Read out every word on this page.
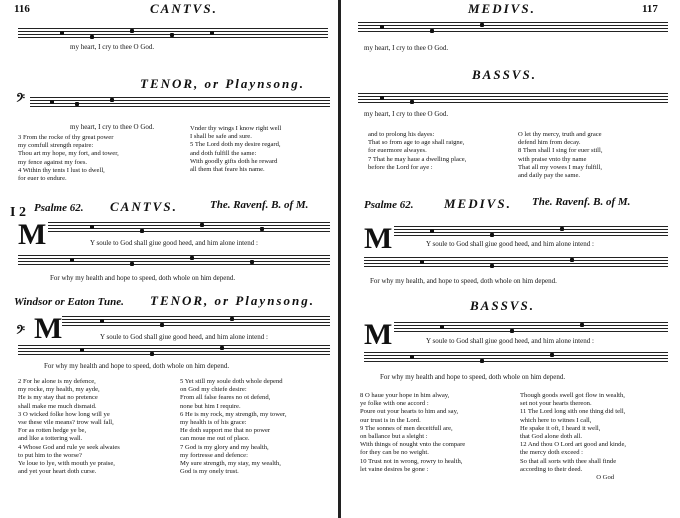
116	CANTVS.
my heart, I cry to thee O God.
TENOR, or Playnsong.
𝄢
my heart, I cry to thee O God.
3 From the rocke of thy great power
my comfull strength repaire:
Thou art my hope, my fort, and tower,
my fence against my foes.
4 Within thy tents I lust to dwell,
for euer to endure.
Vnder thy wings I know right well
I shall be safe and sure.
5 The Lord doth my desire regard,
and doth fulfill the same:
With goodly gifts doth he reward
all them that feare his name.
I 2 Psalme 62. CANTVS.	The. Ravenf. B. of M.
M	Y soule to God shall giue good heed, and him alone intend :
For why my health and hope to speed, doth whole on him depend.
Windsor or Eaton Tune. TENOR, or Playnsong.
𝄢 M	Y soule to God shall giue good heed, and him alone intend :
For why my health and hope to speed, doth whole on him depend.
2 For he alone is my defence,
my rocke, my health, my ayde,
He is my stay that no pretence
shall make me much dismaid.
3 O wicked folke how long will ye
vse these vile means? trow wall fall,
For as rotten hedge ye be,
and like a tottering wall.
4 Whose God and rule ye seek alwaies
to put him to the worse?
Ye loue to lye, with mouth ye praise,
and yet your heart doth curse.
5 Yet still my soule doth whole depend
on God my chiefe desire:
From all false feares no ot defend,
none but him I require.
6 He is my rock, my strength, my tower,
my health is of his grace:
He doth support me that no power
can moue me out of place.
7 God is my glory and my health,
my fortresse and defence:
My sure strength, my stay, my wealth,
God is my onely trust.
MEDIVS.	117
my heart, I cry to thee O God.
BASSVS.
my heart, I cry to thee O God.
and to prolong his dayes:
That so from age to age shall raigne,
for euermore alwayes.
7 That he may haue a dwelling place,
before the Lord for aye :
O let thy mercy, truth and grace
defend him from decay.
8 Then shall I sing for euer still,
with praise vnto thy name
That all my vowes I may fulfill,
and daily pay the same.
Psalme 62. MEDIVS. The. Ravenf. B. of M.
M	Y soule to God shall giue good heed, and him alone intend :
For why my health, and hope to speed, doth whole on him depend.
BASSVS.
M	Y soule to God shall giue good heed, and him alone intend :
For why my health and hope to speed, doth whole on him depend.
8 O haue your hope in him alway,
ye folke with one accord :
Poure out your hearts to him and say,
our trust is in the Lord.
9 The sonnes of men deceitfull are,
on ballance but a sleight :
With things of nought vnto the compare
for they can be no weight.
10 Trust not in wrong, rowry to health,
let vaine desires be gone :
Though goods swell got flow in wealth,
set not your hearts thereon.
11 The Lord long sith one thing did tell,
which here to witnes I call,
He spake it oft, I heard it well,
that God alone doth all.
12 And thou O Lord art good and kinde,
the mercy doth exceed :
So that all sorts with thee shall finde
according to their deed.
O God
